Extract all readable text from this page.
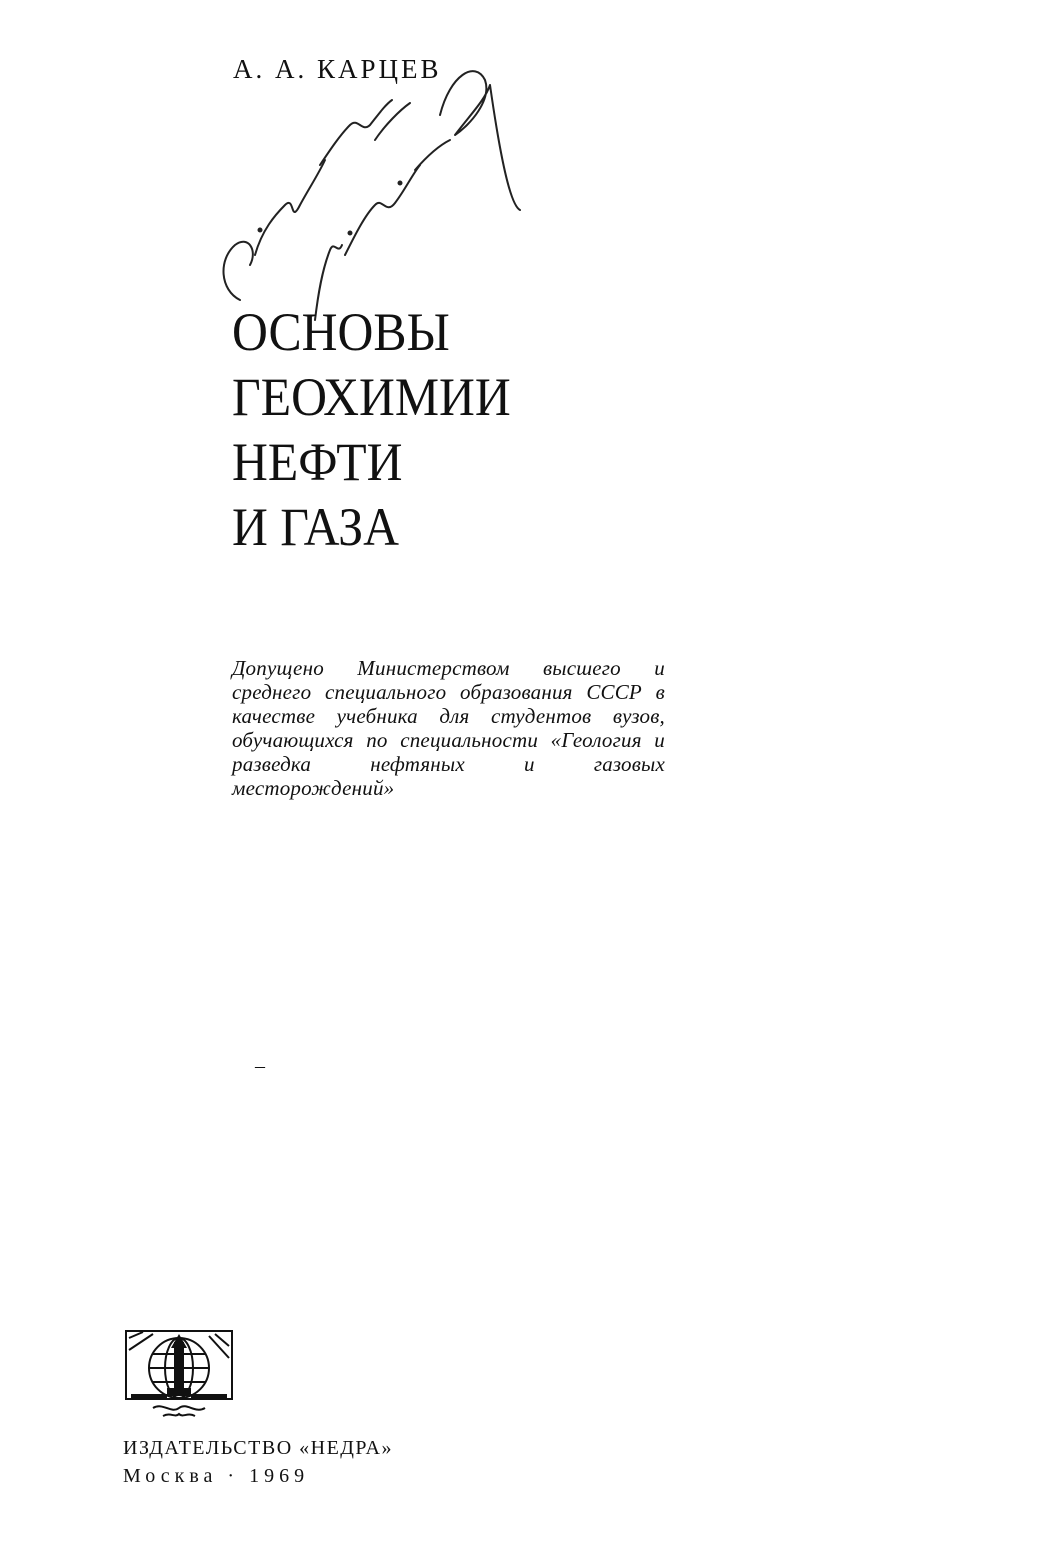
А. А. КАРЦЕВ
ОСНОВЫ
ГЕОХИМИИ
НЕФТИ
И ГАЗА

Допущено Министерством высшего и среднего специального образования СССР в качестве учебника для студентов вузов, обучающихся по специальности «Геология и разведка нефтяных и газовых месторождений»

–
ИЗДАТЕЛЬСТВО «НЕДРА»
Москва · 1969
